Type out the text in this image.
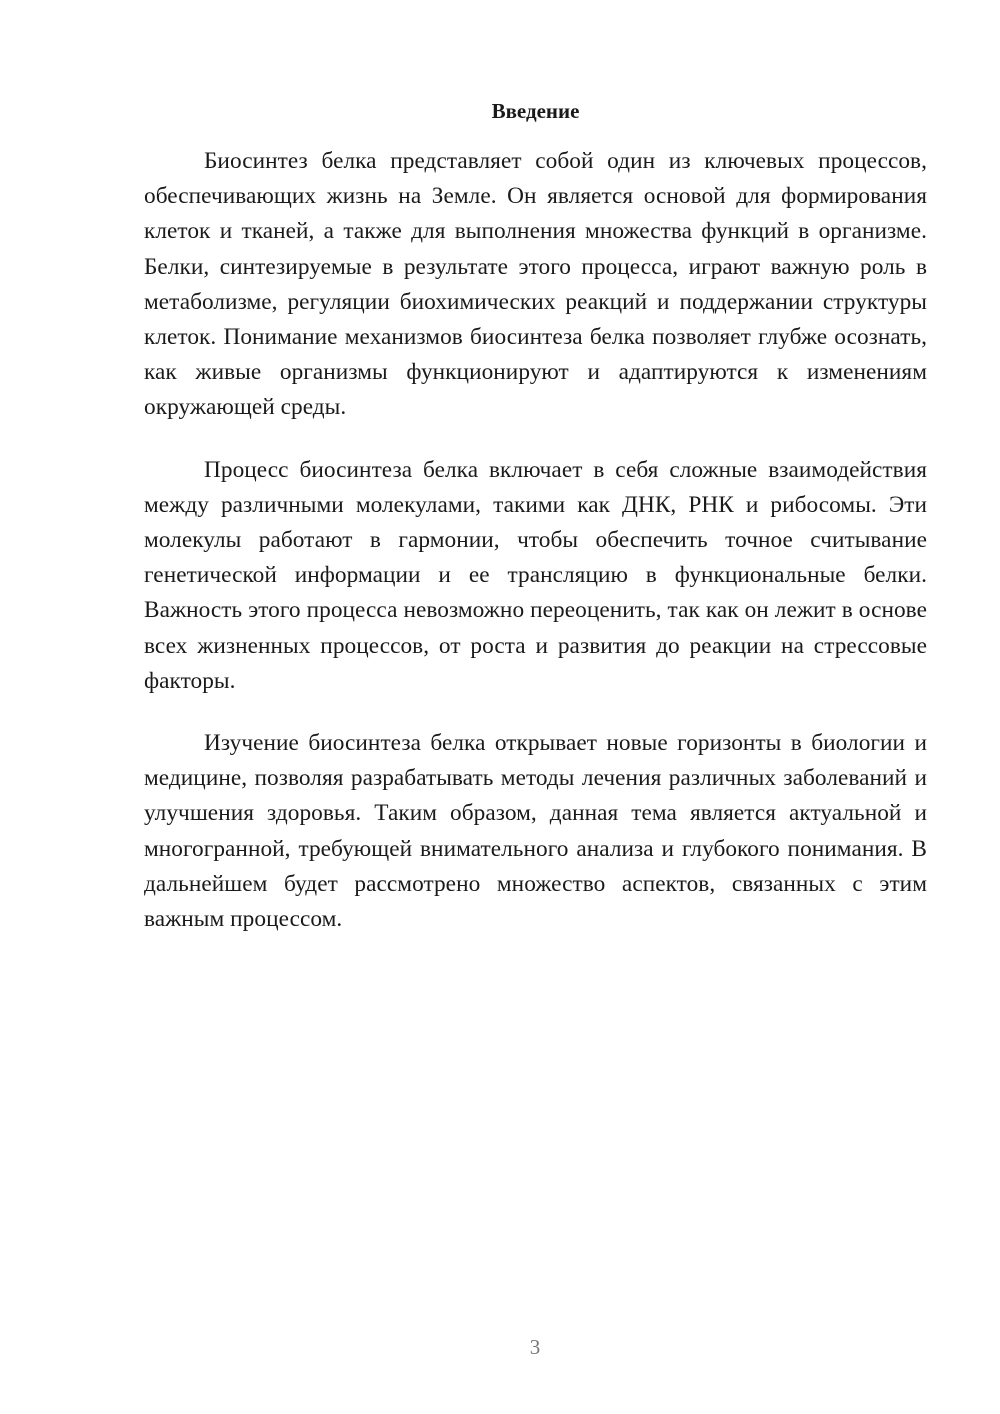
Введение

Биосинтез белка представляет собой один из ключевых процессов, обеспечивающих жизнь на Земле. Он является основой для формирования клеток и тканей, а также для выполнения множества функций в организме. Белки, синтезируемые в результате этого процесса, играют важную роль в метаболизме, регуляции биохимических реакций и поддержании структуры клеток. Понимание механизмов биосинтеза белка позволяет глубже осознать, как живые организмы функционируют и адаптируются к изменениям окружающей среды.

Процесс биосинтеза белка включает в себя сложные взаимодействия между различными молекулами, такими как ДНК, РНК и рибосомы. Эти молекулы работают в гармонии, чтобы обеспечить точное считывание генетической информации и ее трансляцию в функциональные белки. Важность этого процесса невозможно переоценить, так как он лежит в основе всех жизненных процессов, от роста и развития до реакции на стрессовые факторы.

Изучение биосинтеза белка открывает новые горизонты в биологии и медицине, позволяя разрабатывать методы лечения различных заболеваний и улучшения здоровья. Таким образом, данная тема является актуальной и многогранной, требующей внимательного анализа и глубокого понимания. В дальнейшем будет рассмотрено множество аспектов, связанных с этим важным процессом.

3
